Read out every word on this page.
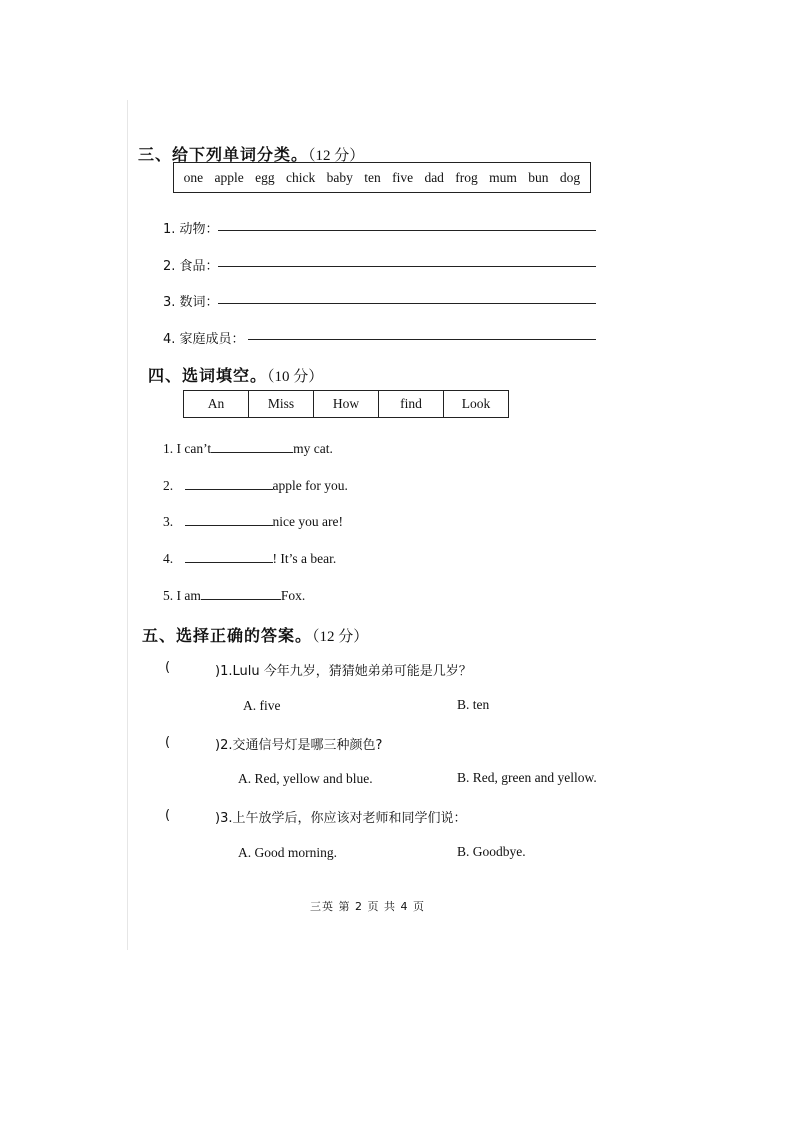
三、给下列单词分类。（12 分）
one apple egg chick baby ten five dad frog mum bun dog
1. 动物：
2. 食品：
3. 数词：
4. 家庭成员：
四、选词填空。（10 分）
An	Miss	How	find	Look
1. I can’t	my cat.
2.	apple for you.
3.	nice you are!
4.	! It’s a bear.
5. I am	Fox.
五、选择正确的答案。（12 分）
(	)1.Lulu 今年九岁，猜猜她弟弟可能是几岁？
A. five	B. ten
(	)2.交通信号灯是哪三种颜色?
A. Red, yellow and blue.	B. Red, green and yellow.
(	)3.上午放学后，你应该对老师和同学们说：
A. Good morning.	B. Goodbye.
三英 第 2 页 共 4 页
